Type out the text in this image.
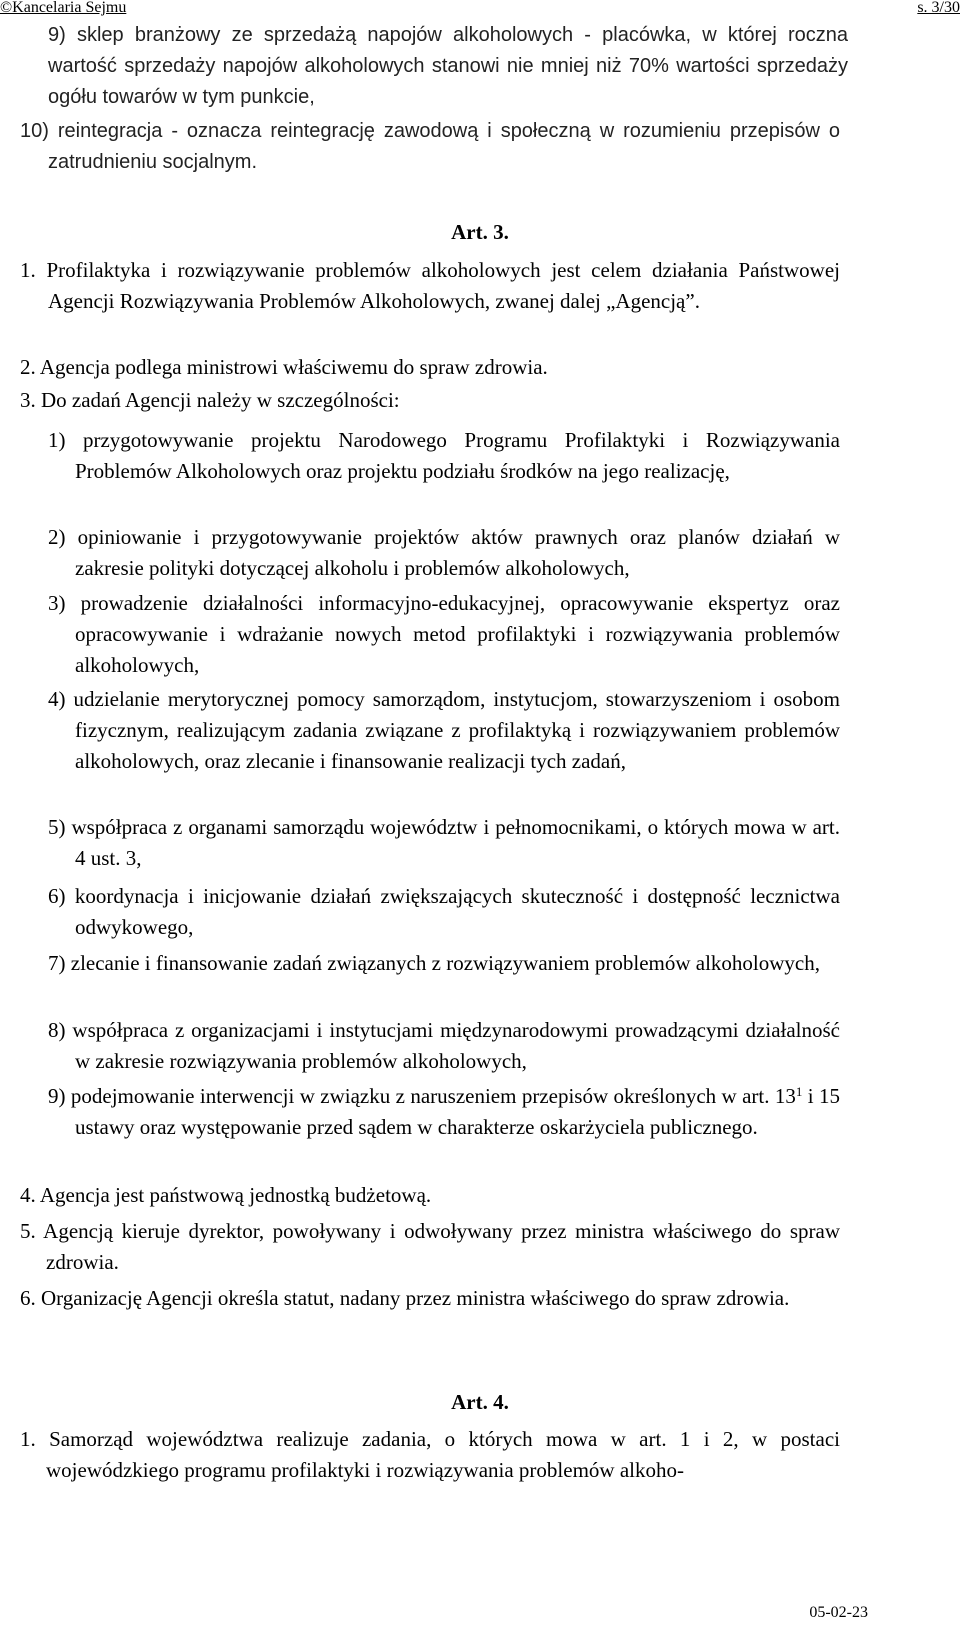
©Kancelaria Sejmu	s. 3/30

9) sklep branżowy ze sprzedażą napojów alkoholowych - placówka, w której roczna wartość sprzedaży napojów alkoholowych stanowi nie mniej niż 70% wartości sprzedaży ogółu towarów w tym punkcie,

10) reintegracja - oznacza reintegrację zawodową i społeczną w rozumieniu przepisów o zatrudnieniu socjalnym.

Art. 3.

1. Profilaktyka i rozwiązywanie problemów alkoholowych jest celem działania Państwowej Agencji Rozwiązywania Problemów Alkoholowych, zwanej dalej „Agencją”.

2. Agencja podlega ministrowi właściwemu do spraw zdrowia.

3. Do zadań Agencji należy w szczególności:

1) przygotowywanie projektu Narodowego Programu Profilaktyki i Rozwiązywania Problemów Alkoholowych oraz projektu podziału środków na jego realizację,

2) opiniowanie i przygotowywanie projektów aktów prawnych oraz planów działań w zakresie polityki dotyczącej alkoholu i problemów alkoholowych,

3) prowadzenie działalności informacyjno-edukacyjnej, opracowywanie ekspertyz oraz opracowywanie i wdrażanie nowych metod profilaktyki i rozwiązywania problemów alkoholowych,

4) udzielanie merytorycznej pomocy samorządom, instytucjom, stowarzyszeniom i osobom fizycznym, realizującym zadania związane z profilaktyką i rozwiązywaniem problemów alkoholowych, oraz zlecanie i finansowanie realizacji tych zadań,

5) współpraca z organami samorządu województw i pełnomocnikami, o których mowa w art. 4 ust. 3,

6) koordynacja i inicjowanie działań zwiększających skuteczność i dostępność lecznictwa odwykowego,

7) zlecanie i finansowanie zadań związanych z rozwiązywaniem problemów alkoholowych,

8) współpraca z organizacjami i instytucjami międzynarodowymi prowadzącymi działalność w zakresie rozwiązywania problemów alkoholowych,

9) podejmowanie interwencji w związku z naruszeniem przepisów określonych w art. $13^1$ i 15 ustawy oraz występowanie przed sądem w charakterze oskarżyciela publicznego.

4. Agencja jest państwową jednostką budżetową.

5. Agencją kieruje dyrektor, powoływany i odwoływany przez ministra właściwego do spraw zdrowia.

6. Organizację Agencji określa statut, nadany przez ministra właściwego do spraw zdrowia.

Art. 4.

1. Samorząd województwa realizuje zadania, o których mowa w art. 1 i 2, w postaci wojewódzkiego programu profilaktyki i rozwiązywania problemów alkoho-

05-02-23
